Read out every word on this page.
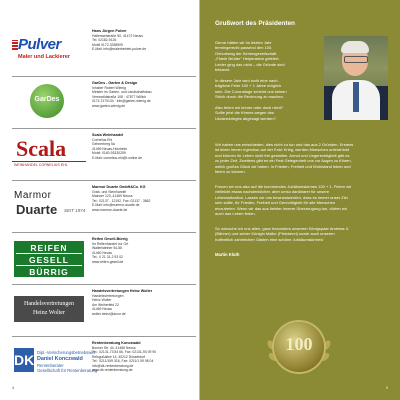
Pulver
Maler und Lackierer
Hans Jürgen Pulver
Hallenweistraße 50, 41472 Neuss
Tel. 02182-9126
Mobil 0172-3338909
E-Mail: info@malerbetrieb-pulver.de
GarDes
GarDes - Garten & Design
Inhaber Robert Wienig
Meister im Garten- und Landschaftsbau
Vernewildstraße 108 · 47877 Willich
0174 2170134 · info@garten-wienig.de
www.garten-wienig.de
Scala
WEINHANDEL CORNELIUS EHL
Scala Weinhandel
Cornelius Ehl
Gehnerberg 5a
41469 Neuss-Holzheim
Mobil: 0160-93330259
E-Mail: cornelius-ehl@t-online.de
Marmor
Duarte SEIT 1974
Marmor Duarte GmbH&Co. KG
Grab- und Steinhandel
Mainzer 123, 41469 Neuss
Tel.: 02137 - 12192, Fax: 02137 - 3862
E-Mail: info@marmor-duarte.de
www.marmor-duarte.de
REIFEN
GESELL
BÜRRIG
Reifen Gesell-Bürrig
Ihr Reifenhandel vor Ort
Wallensteiner 54-56
41460 Neuss
Tel.: 0 21 31-2 93 02
www.reifen-gesell.de
Handelsvertretungen
Heinz Wolter
Handelsvertretungen Heinz Wolter
Handelsvertretungen
Heinz Wolter
Am Weiherfeld 22
41469 Neuss
wolter.heinz@arcor.de
DK Dipl.-Versicherungsbetriebswirt
Daniel Konczwald
Rentenberater
Gesellschaft für Rentenberatung
Rentenberatung Konczwald
Bonner Str. 44, 41468 Neuss
Tel.: 02131-73 84 66, Fax: 02131-93 09 90
Reisgußallee 14, 40212 Düsseldorf
Tel.: 0211/159 316, Fax: 0211/1 59 98 04
info@dk-rentenberatung.de
www.dk-rentenberatung.de
4
Grußwort des Präsidenten
Gerne hätten wir im letzten Jahr
termingerecht passend den 100.
Geburtstag der Kirmesgesellschaft
„Fidele Brüder" Helpenstein gefeiert.
Leider ging das nicht – die Gründe sind
bekannt.
In diesem Jahr wird wohl eine nach-
trägliche Feier 100 + 1 Jahre möglich
sein. Die Coronalage scheint uns keinen
Strich durch die Rechnung zu machen.
Also feiern wir immer oder doch nicht?
Sollte jetzt die Kirmes wegen des
Ukrainekrieges abgesagt werden?
Wir haben uns entschieden, dies nicht zu tun und das aus 2 Gründen. Erstens
ist leider immer irgendwo auf der Erde Krieg, werden Menschen unterdrückt
und können ihr Leben nicht frei gestalten. Armut und Ungerechtigkeit gibt es
zu jeder Zeit. Zweitens gibt es ein Fest Gelegenheit uns vor Augen zu führen,
welch großes Glück wir haben, in Frieden, Freiheit und Wohlstand leben und
feiern zu können.
Freuen wir uns also auf die kommenden Jubiläumskirmes 100 + 1. Feiern wir
vielleicht etwas nachdenklicher, aber umso dankbarer für unsere
Lebenssituation. Lassen wir uns bewusstwerden, dass es immer unser Ziel
sein sollte, für Frieden, Freiheit und Gerechtigkeit für alle Menschen
einzutreten. Wenn wir das aus tiefster innerer Überzeugung tun, dürfen wir
auch das Leben feiern.
So wünsche ich uns allen, ganz besonders unserem Königspaar Andreas II.
(Bähner) und seiner Königin Maike (Pletzkerei) sowie auch unseren
hoffentlich zahlreichen Gästen eine schöne Jubiläumskirmes!
Martin Kluth
100
5
